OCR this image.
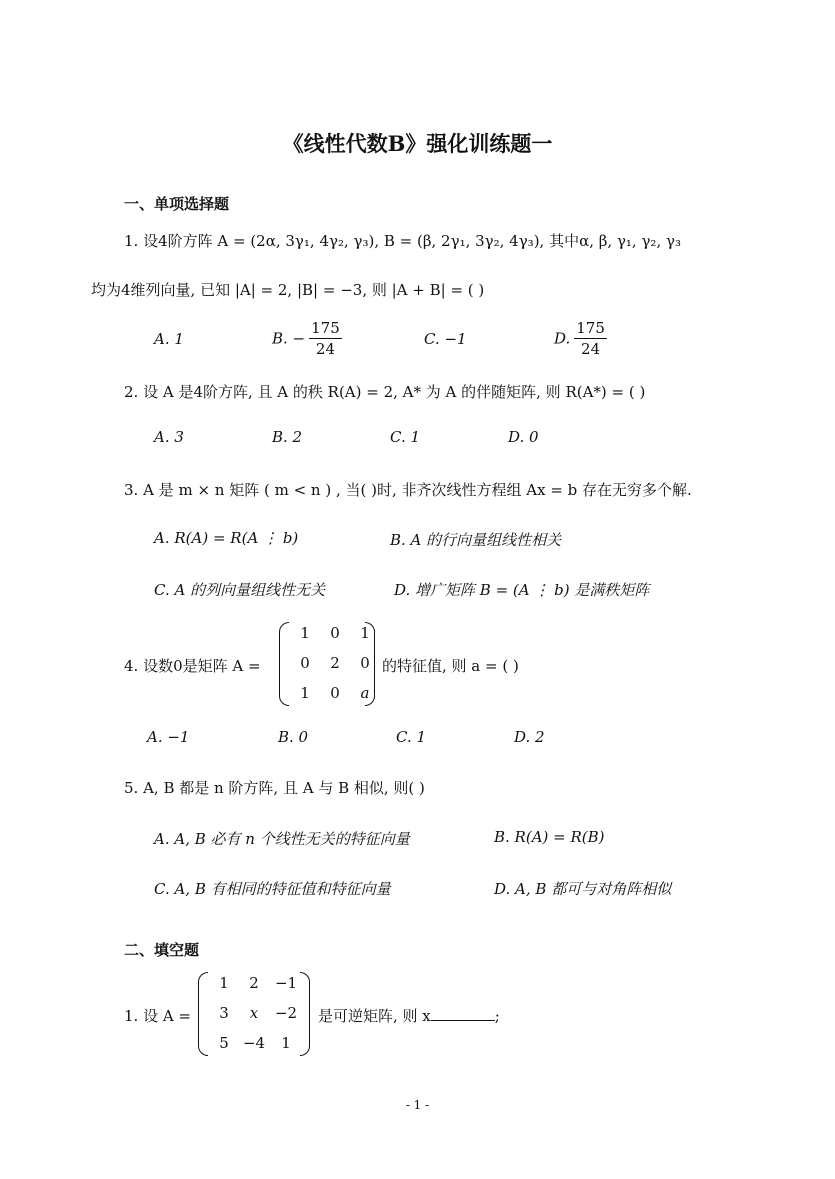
《线性代数B》强化训练题一
一、单项选择题
1. 设4阶方阵 A = (2α, 3γ₁, 4γ₂, γ₃), B = (β, 2γ₁, 3γ₂, 4γ₃), 其中α, β, γ₁, γ₂, γ₃
均为4维列向量, 已知 |A| = 2, |B| = −3, 则 |A + B| = ( )
A. 1	B. − $\frac{175}{24}$	C. −1	D. $\frac{175}{24}$
2. 设 A 是4阶方阵, 且 A 的秩 R(A) = 2, A* 为 A 的伴随矩阵, 则 R(A*) = ( )
A. 3	B. 2	C. 1	D. 0
3. A 是 m × n 矩阵 ( m < n ) , 当( )时, 非齐次线性方程组 Ax = b 存在无穷多个解.
A. R(A) = R(A ⋮ b)	B. A 的行向量组线性相关
C. A 的列向量组线性无关	D. 增广矩阵 B = (A ⋮ b) 是满秩矩阵
4. 设数0是矩阵 A =
1	0	1
0	2	0
1	0	a
的特征值, 则 a = ( )
A. −1	B. 0	C. 1	D. 2
5. A, B 都是 n 阶方阵, 且 A 与 B 相似, 则( )
A. A, B 必有 n 个线性无关的特征向量	B. R(A) = R(B)
C. A, B 有相同的特征值和特征向量	D. A, B 都可与对角阵相似
二、填空题
1. 设 A =
1	2	−1
3	x	−2
5 −4	1
是可逆矩阵, 则 x	;
- 1 -
